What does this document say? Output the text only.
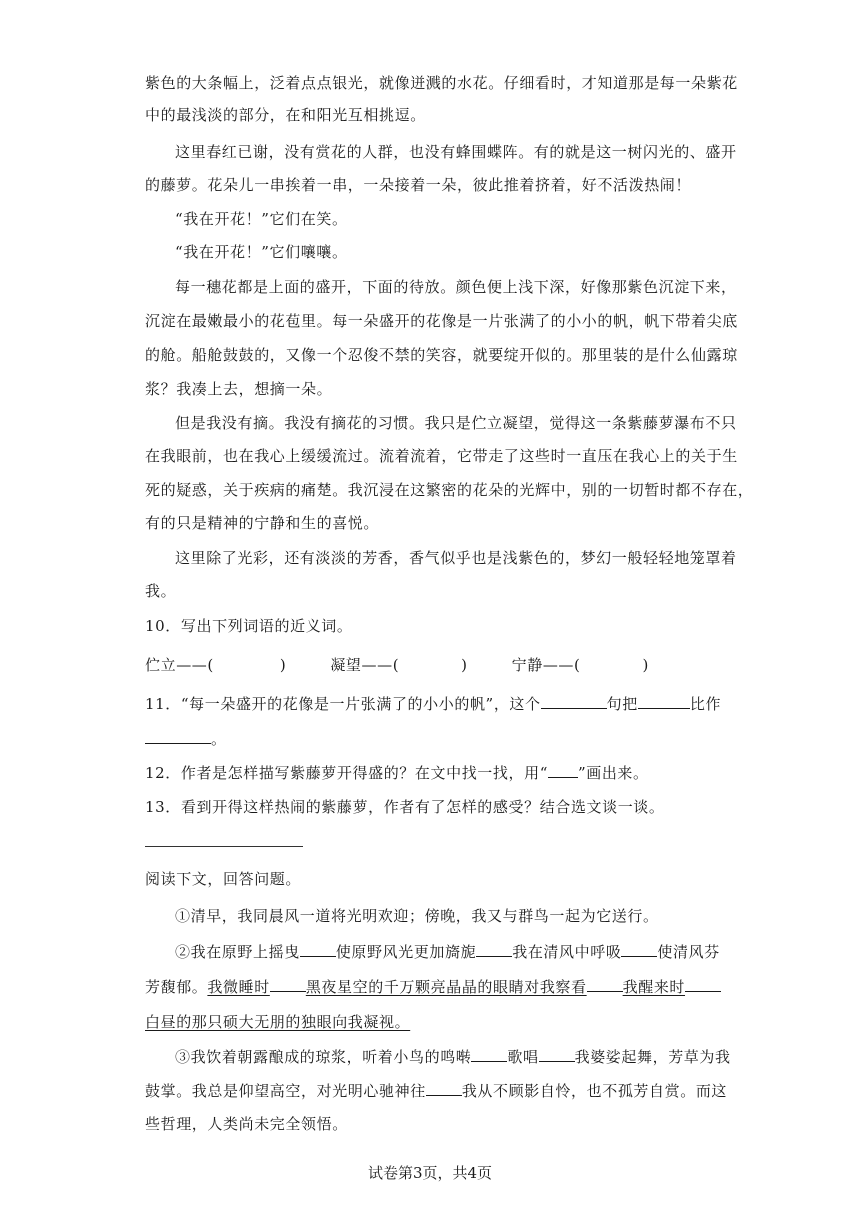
紫色的大条幅上，泛着点点银光，就像迸溅的水花。仔细看时，才知道那是每一朵紫花
中的最浅淡的部分，在和阳光互相挑逗。
这里春红已谢，没有赏花的人群，也没有蜂围蝶阵。有的就是这一树闪光的、盛开
的藤萝。花朵儿一串挨着一串，一朵接着一朵，彼此推着挤着，好不活泼热闹！
“我在开花！”它们在笑。
“我在开花！”它们嚷嚷。
每一穗花都是上面的盛开，下面的待放。颜色便上浅下深，好像那紫色沉淀下来，
沉淀在最嫩最小的花苞里。每一朵盛开的花像是一片张满了的小小的帆，帆下带着尖底
的舱。船舱鼓鼓的，又像一个忍俊不禁的笑容，就要绽开似的。那里装的是什么仙露琼
浆？我凑上去，想摘一朵。
但是我没有摘。我没有摘花的习惯。我只是伫立凝望，觉得这一条紫藤萝瀑布不只
在我眼前，也在我心上缓缓流过。流着流着，它带走了这些时一直压在我心上的关于生
死的疑惑，关于疾病的痛楚。我沉浸在这繁密的花朵的光辉中，别的一切暂时都不存在，
有的只是精神的宁静和生的喜悦。
这里除了光彩，还有淡淡的芳香，香气似乎也是浅紫色的，梦幻一般轻轻地笼罩着
我。
10．写出下列词语的近义词。
伫立——(	)	凝望——(	)	宁静——(	)
11．“每一朵盛开的花像是一片张满了的小小的帆”，这个	句把	比作
。
12．作者是怎样描写紫藤萝开得盛的？在文中找一找，用“ ”画出来。
13．看到开得这样热闹的紫藤萝，作者有了怎样的感受？结合选文谈一谈。
阅读下文，回答问题。
①清早，我同晨风一道将光明欢迎；傍晚，我又与群鸟一起为它送行。
②我在原野上摇曳 使原野风光更加旖旎 我在清风中呼吸 使清风芬
芳馥郁。我微睡时 黑夜星空的千万颗亮晶晶的眼睛对我察看 我醒来时
白昼的那只硕大无朋的独眼向我凝视。
③我饮着朝露酿成的琼浆，听着小鸟的鸣啭 歌唱 我婆娑起舞，芳草为我
鼓掌。我总是仰望高空，对光明心驰神往 我从不顾影自怜，也不孤芳自赏。而这
些哲理，人类尚未完全领悟。
试卷第3页，共4页
